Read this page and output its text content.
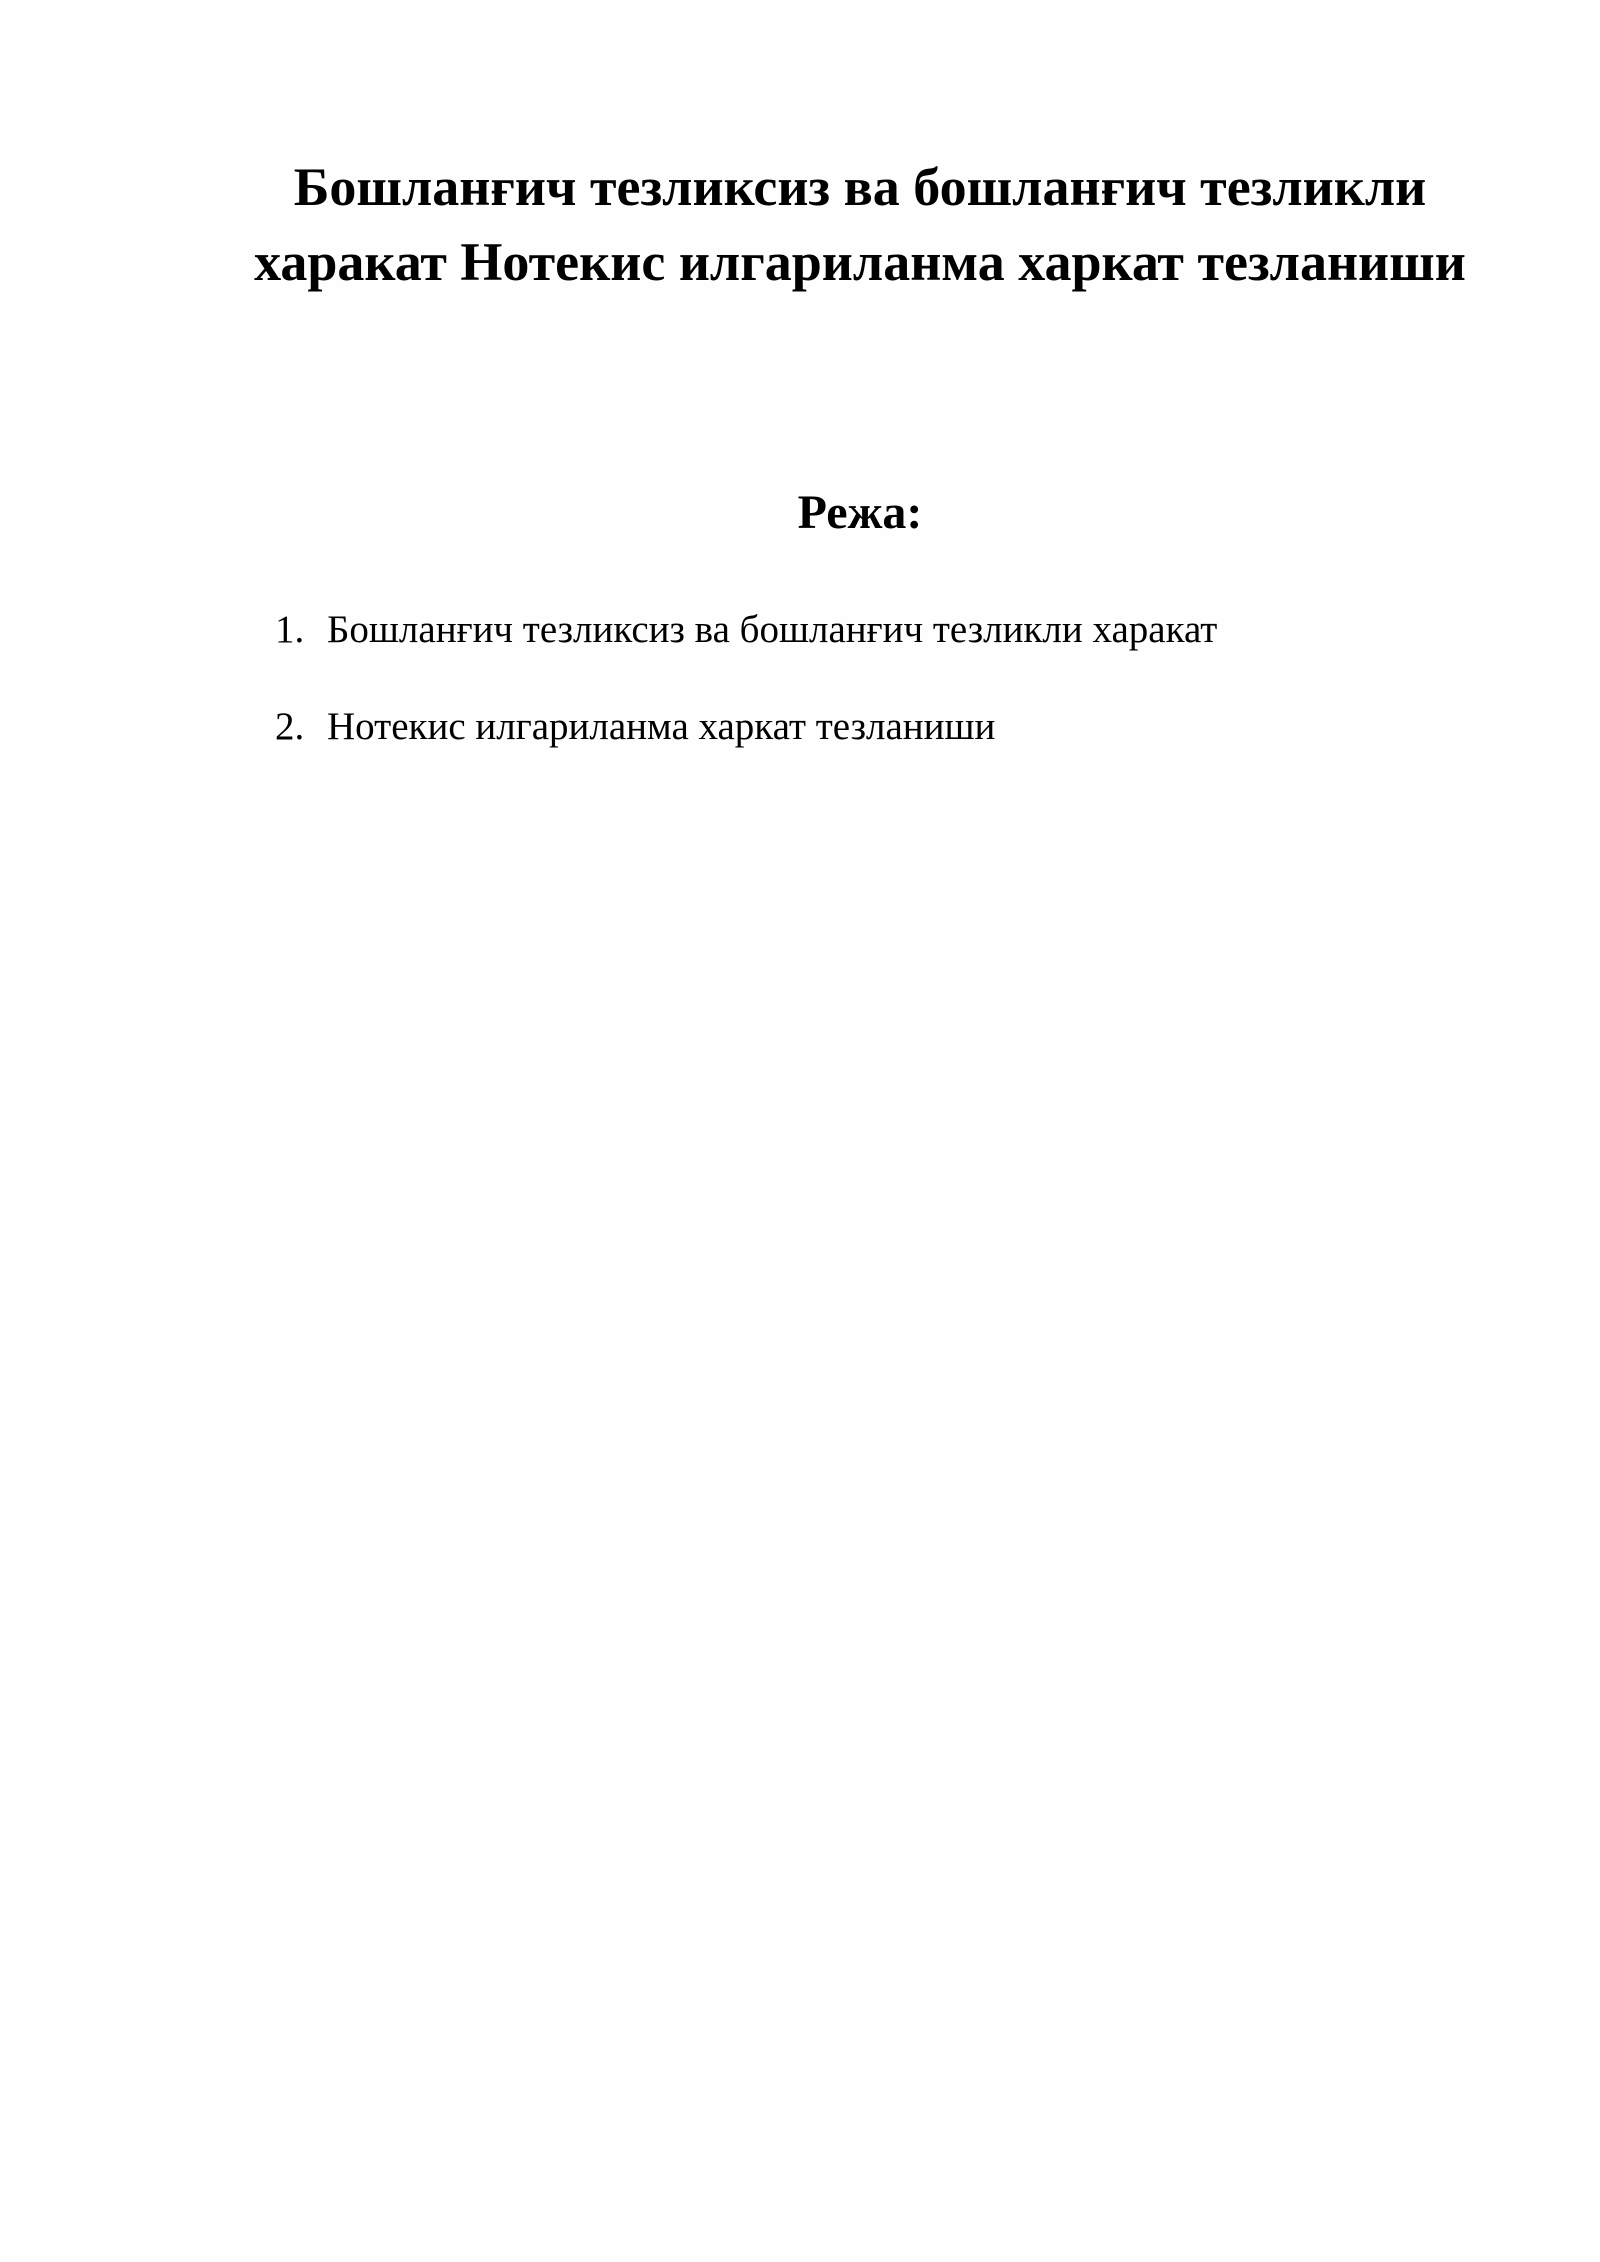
Бошланғич тезликсиз ва бошланғич тезликли харакат Нотекис илгариланма харкат тезланиши
Режа:
1. Бошланғич тезликсиз ва бошланғич тезликли харакат
2. Нотекис илгариланма харкат тезланиши
